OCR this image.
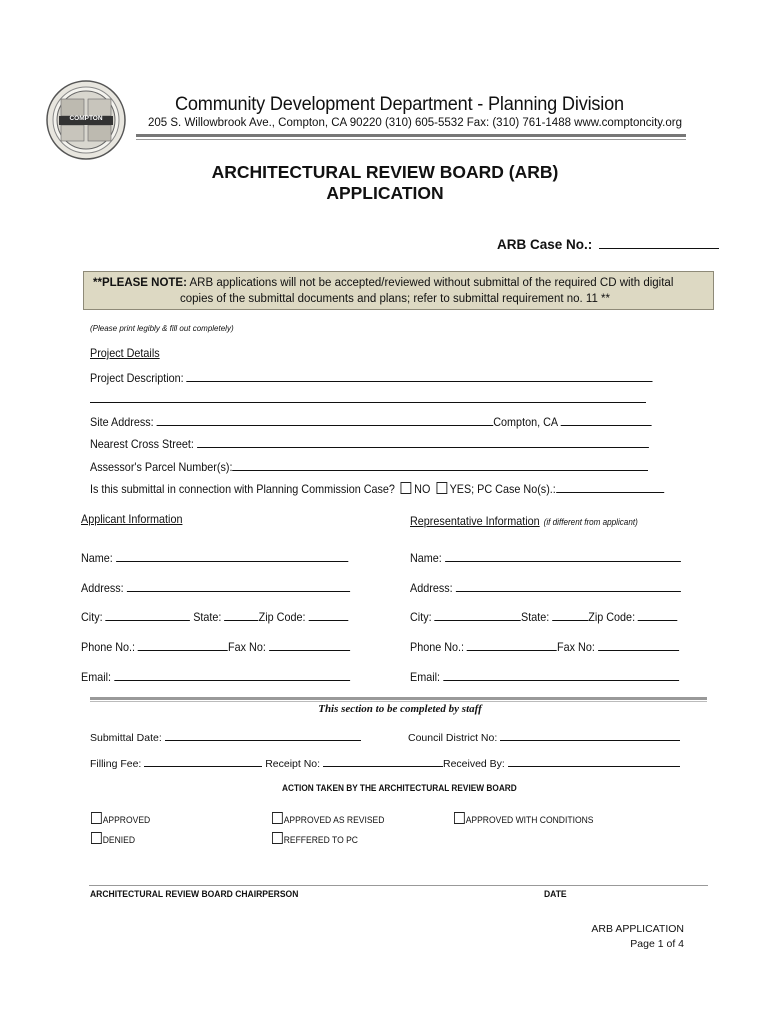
COMPTON
Community Development Department - Planning Division
205 S. Willowbrook Ave., Compton, CA 90220 (310) 605-5532 Fax: (310) 761-1488 www.comptoncity.org
ARCHITECTURAL REVIEW BOARD (ARB)
APPLICATION
ARB Case No.:
**PLEASE NOTE: ARB applications will not be accepted/reviewed without submittal of the required CD with digital
copies of the submittal documents and plans; refer to submittal requirement no. 11 **
(Please print legibly & fill out completely)
Project Details
Project Description:
Site Address:	Compton, CA
Nearest Cross Street:
Assessor's Parcel Number(s):
Is this submittal in connection with Planning Commission Case? NO YES; PC Case No(s).:
Applicant Information
Name:
Address:
City:	State:	Zip Code:
Phone No.:	Fax No:
Email:
Representative Information (if different from applicant)
Name:
Address:
City:	State:	Zip Code:
Phone No.:	Fax No:
Email:
This section to be completed by staff
Submittal Date:	Council District No:
Filling Fee:	Receipt No:	Received By:
ACTION TAKEN BY THE ARCHITECTURAL REVIEW BOARD
APPROVED	APPROVED AS REVISED	APPROVED WITH CONDITIONS
DENIED	REFFERED TO PC
ARCHITECTURAL REVIEW BOARD CHAIRPERSON	DATE
ARB APPLICATION
Page 1 of 4
